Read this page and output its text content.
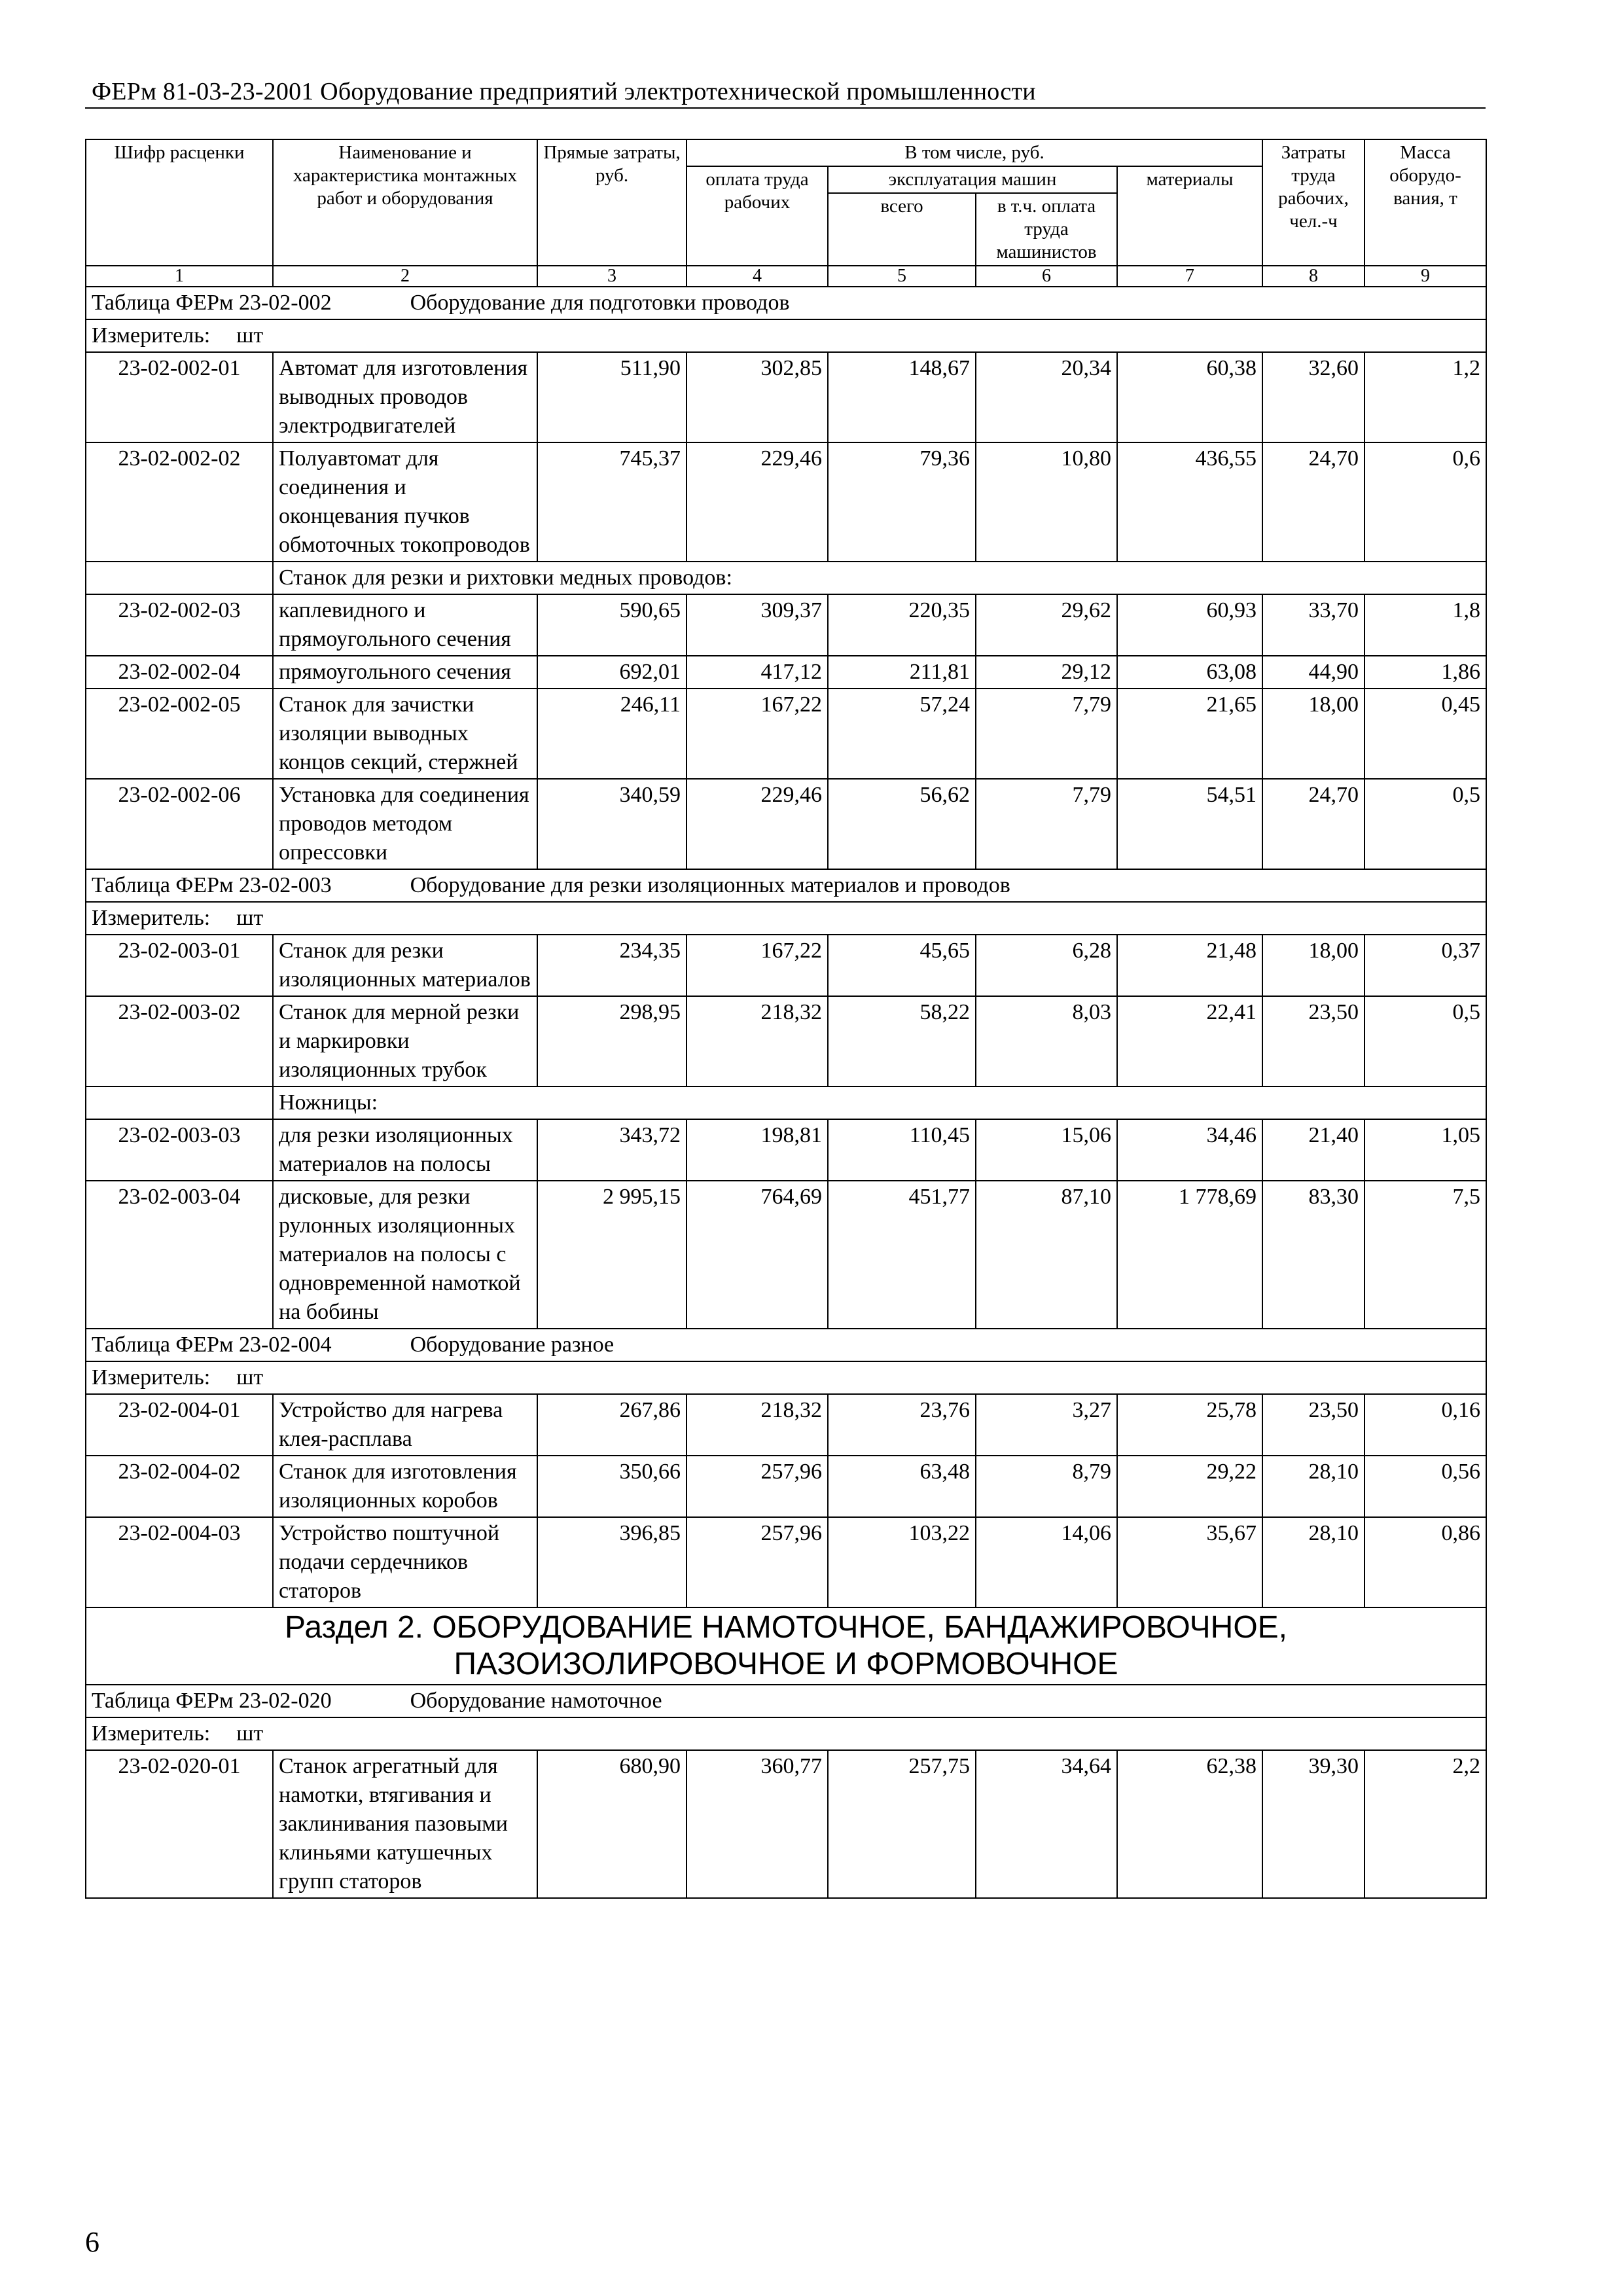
ФЕРм 81-03-23-2001 Оборудование предприятий электротехнической промышленности
Шифр расценки	Наименование и характеристика монтажных работ и оборудования	Прямые затраты, руб.	В том числе, руб.				Затраты труда рабочих, чел.-ч	Масса оборудо-вания, т
			оплата труда рабочих	эксплуатация машин		материалы		
				всего	в т.ч. оплата труда машинистов			
1	2	3	4	5	6	7	8	9
Таблица ФЕРм 23-02-002 Оборудование для подготовки проводов								
Измеритель: шт								
23-02-002-01	Автомат для изготовления выводных проводов электродвигателей	511,90	302,85	148,67	20,34	60,38	32,60	1,2
23-02-002-02	Полуавтомат для соединения и оконцевания пучков обмоточных токопроводов	745,37	229,46	79,36	10,80	436,55	24,70	0,6
	Станок для резки и рихтовки медных проводов:							
23-02-002-03	каплевидного и прямоугольного сечения	590,65	309,37	220,35	29,62	60,93	33,70	1,8
23-02-002-04	прямоугольного сечения	692,01	417,12	211,81	29,12	63,08	44,90	1,86
23-02-002-05	Станок для зачистки изоляции выводных концов секций, стержней	246,11	167,22	57,24	7,79	21,65	18,00	0,45
23-02-002-06	Установка для соединения проводов методом опрессовки	340,59	229,46	56,62	7,79	54,51	24,70	0,5
Таблица ФЕРм 23-02-003 Оборудование для резки изоляционных материалов и проводов								
Измеритель: шт								
23-02-003-01	Станок для резки изоляционных материалов	234,35	167,22	45,65	6,28	21,48	18,00	0,37
23-02-003-02	Станок для мерной резки и маркировки изоляционных трубок	298,95	218,32	58,22	8,03	22,41	23,50	0,5
	Ножницы:							
23-02-003-03	для резки изоляционных материалов на полосы	343,72	198,81	110,45	15,06	34,46	21,40	1,05
23-02-003-04	дисковые, для резки рулонных изоляционных материалов на полосы с одновременной намоткой на бобины	2 995,15	764,69	451,77	87,10	1 778,69	83,30	7,5
Таблица ФЕРм 23-02-004 Оборудование разное								
Измеритель: шт								
23-02-004-01	Устройство для нагрева клея-расплава	267,86	218,32	23,76	3,27	25,78	23,50	0,16
23-02-004-02	Станок для изготовления изоляционных коробов	350,66	257,96	63,48	8,79	29,22	28,10	0,56
23-02-004-03	Устройство поштучной подачи сердечников статоров	396,85	257,96	103,22	14,06	35,67	28,10	0,86

Раздел 2. ОБОРУДОВАНИЕ НАМОТОЧНОЕ, БАНДАЖИРОВОЧНОЕ,
ПАЗОИЗОЛИРОВОЧНОЕ И ФОРМОВОЧНОЕ								

Таблица ФЕРм 23-02-020 Оборудование намоточное								
Измеритель: шт								
23-02-020-01	Станок агрегатный для намотки, втягивания и заклинивания пазовыми клиньями катушечных групп статоров	680,90	360,77	257,75	34,64	62,38	39,30	2,2
6
